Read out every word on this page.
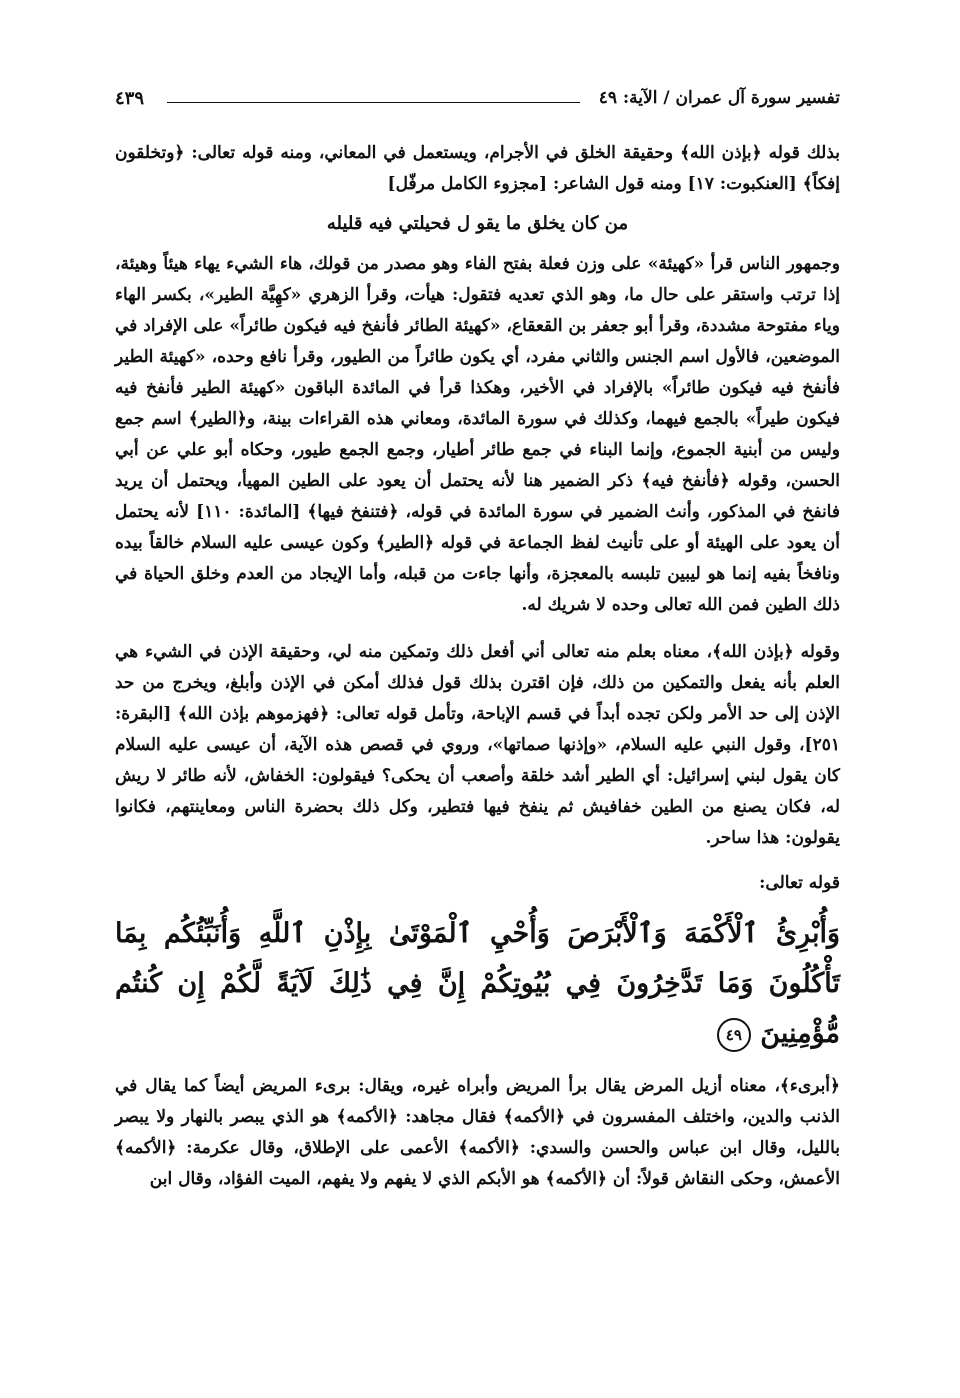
تفسير سورة آل عمران / الآية: ٤٩
٤٣٩

بذلك قوله ﴿بإذن الله﴾ وحقيقة الخلق في الأجرام، ويستعمل في المعاني، ومنه قوله تعالى: ﴿وتخلقون إفكاً﴾ [العنكبوت: ١٧] ومنه قول الشاعر: [مجزوء الكامل مرفّل]

من كان يخلق ما يقو ل فحيلتي فيه قليله

وجمهور الناس قرأ «كهيئة» على وزن فعلة بفتح الفاء وهو مصدر من قولك، هاء الشيء يهاء هيئاً وهيئة، إذا ترتب واستقر على حال ما، وهو الذي تعديه فتقول: هيأت، وقرأ الزهري «كهِيَّة الطير»، بكسر الهاء وياء مفتوحة مشددة، وقرأ أبو جعفر بن القعقاع، «كهيئة الطائر فأنفخ فيه فيكون طائراً» على الإفراد في الموضعين، فالأول اسم الجنس والثاني مفرد، أي يكون طائراً من الطيور، وقرأ نافع وحده، «كهيئة الطير فأنفخ فيه فيكون طائراً» بالإفراد في الأخير، وهكذا قرأ في المائدة الباقون «كهيئة الطير فأنفخ فيه فيكون طيراً» بالجمع فيهما، وكذلك في سورة المائدة، ومعاني هذه القراءات بينة، و﴿الطير﴾ اسم جمع وليس من أبنية الجموع، وإنما البناء في جمع طائر أطيار، وجمع الجمع طيور، وحكاه أبو علي عن أبي الحسن، وقوله ﴿فأنفخ فيه﴾ ذكر الضمير هنا لأنه يحتمل أن يعود على الطين المهيأ، ويحتمل أن يريد فانفخ في المذكور، وأنث الضمير في سورة المائدة في قوله، ﴿فتنفخ فيها﴾ [المائدة: ١١٠] لأنه يحتمل أن يعود على الهيئة أو على تأنيث لفظ الجماعة في قوله ﴿الطير﴾ وكون عيسى عليه السلام خالقاً بيده ونافخاً بفيه إنما هو ليبين تلبسه بالمعجزة، وأنها جاءت من قبله، وأما الإيجاد من العدم وخلق الحياة في ذلك الطين فمن الله تعالى وحده لا شريك له.

وقوله ﴿بإذن الله﴾، معناه بعلم منه تعالى أني أفعل ذلك وتمكين منه لي، وحقيقة الإذن في الشيء هي العلم بأنه يفعل والتمكين من ذلك، فإن اقترن بذلك قول فذلك أمكن في الإذن وأبلغ، ويخرج من حد الإذن إلى حد الأمر ولكن تجده أبداً في قسم الإباحة، وتأمل قوله تعالى: ﴿فهزموهم بإذن الله﴾ [البقرة: ٢٥١]، وقول النبي عليه السلام، «وإذنها صماتها»، وروي في قصص هذه الآية، أن عيسى عليه السلام كان يقول لبني إسرائيل: أي الطير أشد خلقة وأصعب أن يحكى؟ فيقولون: الخفاش، لأنه طائر لا ريش له، فكان يصنع من الطين خفافيش ثم ينفخ فيها فتطير، وكل ذلك بحضرة الناس ومعاينتهم، فكانوا يقولون: هذا ساحر.

قوله تعالى:

وَأُبْرِئُ ٱلْأَكْمَهَ وَٱلْأَبْرَصَ وَأُحْيِ ٱلْمَوْتَىٰ بِإِذْنِ ٱللَّهِ وَأُنَبِّئُكُم بِمَا تَأْكُلُونَ وَمَا تَدَّخِرُونَ فِي بُيُوتِكُمْ إِنَّ فِي ذَٰلِكَ لَآيَةً لَّكُمْ إِن كُنتُم مُّؤْمِنِينَ ٤٩

﴿أبرىء﴾، معناه أزيل المرض يقال برأ المريض وأبراه غيره، ويقال: برىء المريض أيضاً كما يقال في الذنب والدين، واختلف المفسرون في ﴿الأكمه﴾ فقال مجاهد: ﴿الأكمه﴾ هو الذي يبصر بالنهار ولا يبصر بالليل، وقال ابن عباس والحسن والسدي: ﴿الأكمه﴾ الأعمى على الإطلاق، وقال عكرمة: ﴿الأكمه﴾ الأعمش، وحكى النقاش قولاً: أن ﴿الأكمه﴾ هو الأبكم الذي لا يفهم ولا يفهم، الميت الفؤاد، وقال ابن
